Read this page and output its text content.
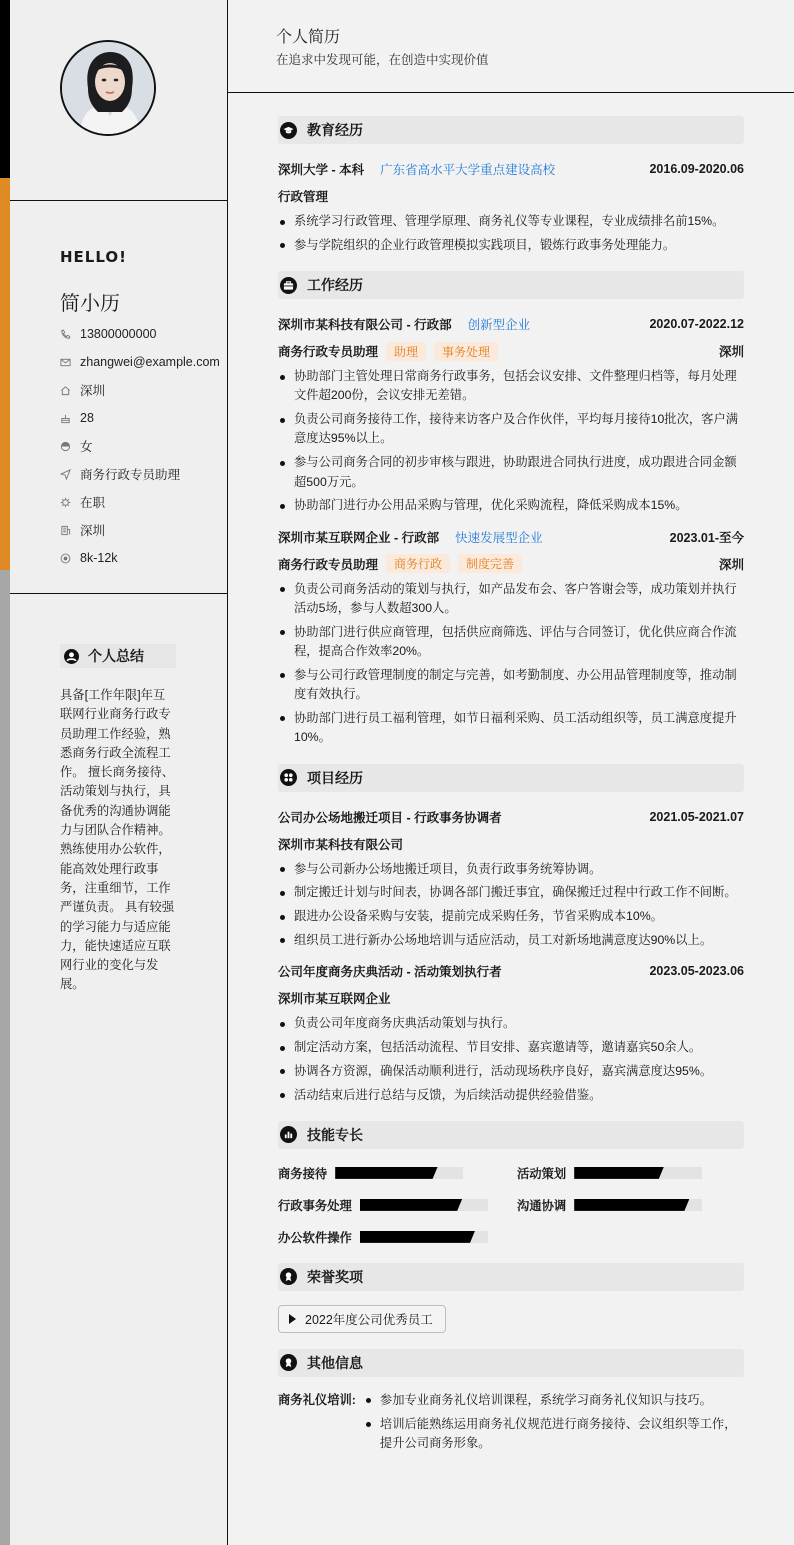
HELLO!
简小历
13800000000
zhangwei@example.com
深圳
28
女
商务行政专员助理
在职
深圳
8k-12k
个人总结
具备[工作年限]年互联网行业商务行政专员助理工作经验，熟悉商务行政全流程工作。 擅长商务接待、活动策划与执行，具备优秀的沟通协调能力与团队合作精神。 熟练使用办公软件，能高效处理行政事务，注重细节，工作严谨负责。 具有较强的学习能力与适应能力，能快速适应互联网行业的变化与发展。
个人简历
在追求中发现可能，在创造中实现价值
教育经历
深圳大学 - 本科 广东省高水平大学重点建设高校	2016.09-2020.06
行政管理
系统学习行政管理、管理学原理、商务礼仪等专业课程，专业成绩排名前15%。
参与学院组织的企业行政管理模拟实践项目，锻炼行政事务处理能力。
工作经历
深圳市某科技有限公司 - 行政部 创新型企业	2020.07-2022.12
商务行政专员助理	助理	事务处理	深圳
协助部门主管处理日常商务行政事务，包括会议安排、文件整理归档等，每月处理文件超200份，会议安排无差错。
负责公司商务接待工作，接待来访客户及合作伙伴，平均每月接待10批次，客户满意度达95%以上。
参与公司商务合同的初步审核与跟进，协助跟进合同执行进度，成功跟进合同金额超500万元。
协助部门进行办公用品采购与管理，优化采购流程，降低采购成本15%。
深圳市某互联网企业 - 行政部 快速发展型企业	2023.01-至今
商务行政专员助理	商务行政	制度完善	深圳
负责公司商务活动的策划与执行，如产品发布会、客户答谢会等，成功策划并执行活动5场，参与人数超300人。
协助部门进行供应商管理，包括供应商筛选、评估与合同签订，优化供应商合作流程，提高合作效率20%。
参与公司行政管理制度的制定与完善，如考勤制度、办公用品管理制度等，推动制度有效执行。
协助部门进行员工福利管理，如节日福利采购、员工活动组织等，员工满意度提升10%。
项目经历
公司办公场地搬迁项目 - 行政事务协调者	2021.05-2021.07
深圳市某科技有限公司
参与公司新办公场地搬迁项目，负责行政事务统筹协调。
制定搬迁计划与时间表，协调各部门搬迁事宜，确保搬迁过程中行政工作不间断。
跟进办公设备采购与安装，提前完成采购任务，节省采购成本10%。
组织员工进行新办公场地培训与适应活动，员工对新场地满意度达90%以上。
公司年度商务庆典活动 - 活动策划执行者	2023.05-2023.06
深圳市某互联网企业
负责公司年度商务庆典活动策划与执行。
制定活动方案，包括活动流程、节目安排、嘉宾邀请等，邀请嘉宾50余人。
协调各方资源，确保活动顺利进行，活动现场秩序良好，嘉宾满意度达95%。
活动结束后进行总结与反馈，为后续活动提供经验借鉴。
技能专长
商务接待	活动策划
行政事务处理	沟通协调
办公软件操作
荣誉奖项
2022年度公司优秀员工
其他信息
商务礼仪培训:	参加专业商务礼仪培训课程，系统学习商务礼仪知识与技巧。
培训后能熟练运用商务礼仪规范进行商务接待、会议组织等工作，提升公司商务形象。
